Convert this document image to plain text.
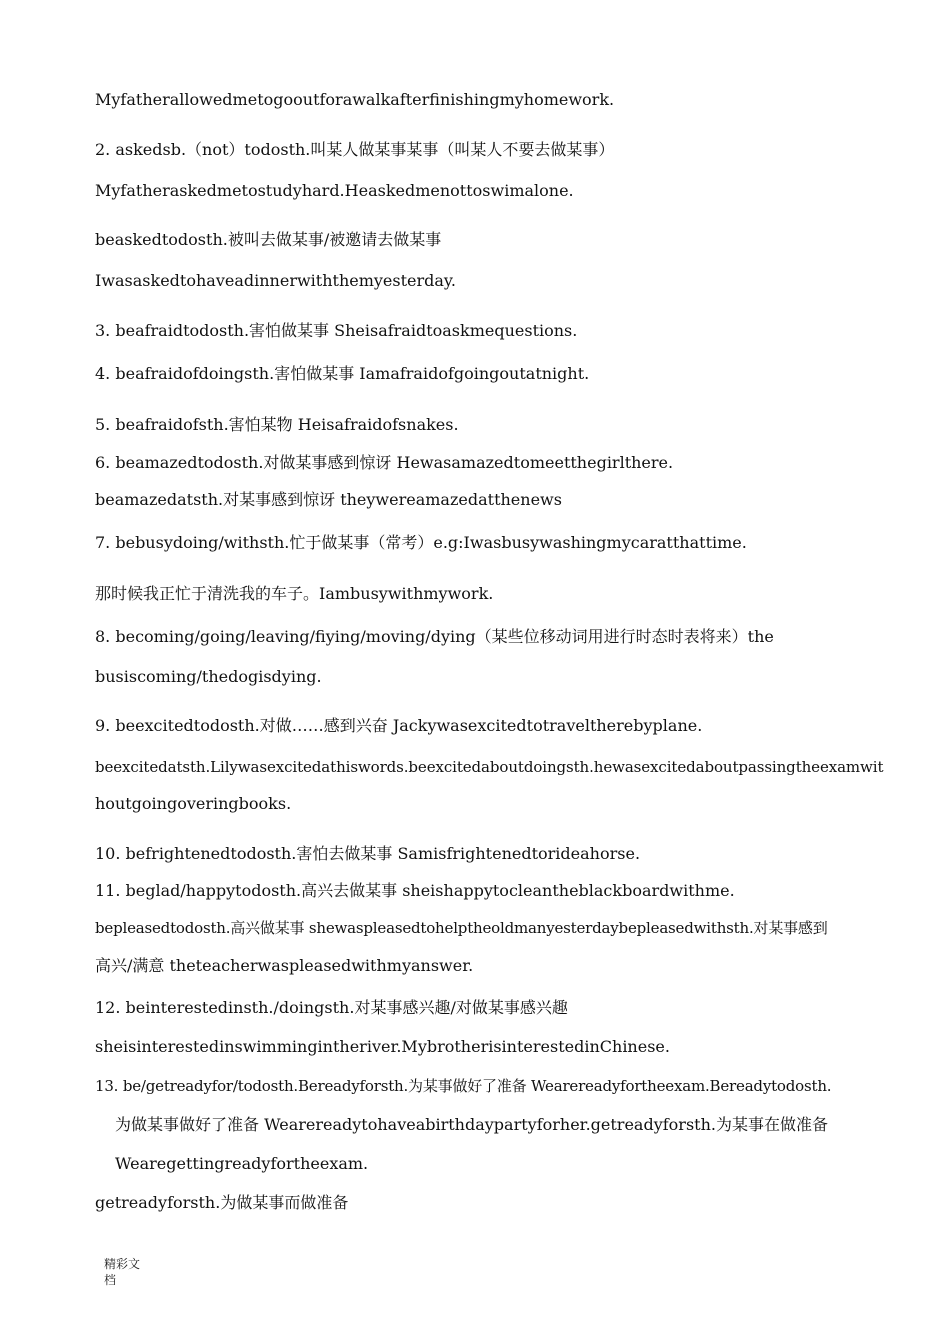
Myfatherallowedmetogooutforawalkafterfinishingmyhomework.
2. askedsb.（not）todosth.叫某人做某事某事（叫某人不要去做某事）
Myfatheraskedmetostudyhard.Heaskedmenottoswimalone.
beaskedtodosth.被叫去做某事/被邀请去做某事
Iwasaskedtohaveadinnerwiththemyesterday.
3. beafraidtodosth.害怕做某事 Sheisafraidtoaskmequestions.
4. beafraidofdoingsth.害怕做某事 Iamafraidofgoingoutatnight.
5. beafraidofsth.害怕某物 Heisafraidofsnakes.
6. beamazedtodosth.对做某事感到惊讶 Hewasamazedtomeetthegirlthere.
beamazedatsth.对某事感到惊讶 theywereamazedatthenews
7. bebusydoing/withsth.忙于做某事（常考）e.g:Iwasbusywashingmycaratthattime.
那时候我正忙于清洗我的车子。Iambusywithmywork.
8. becoming/going/leaving/fiying/moving/dying（某些位移动词用进行时态时表将来）the
busiscoming/thedogisdying.
9. beexcitedtodosth.对做……感到兴奋 Jackywasexcitedtotraveltherebyplane.
beexcitedatsth.Lilywasexcitedathiswords.beexcitedaboutdoingsth.hewasexcitedaboutpassingtheexamwit
houtgoingoveringbooks.
10. befrightenedtodosth.害怕去做某事 Samisfrightenedtorideahorse.
11. beglad/happytodosth.高兴去做某事 sheishappytocleantheblackboardwithme.
bepleasedtodosth.高兴做某事 shewaspleasedtohelptheoldmanyesterdaybepleasedwithsth.对某事感到
高兴/满意 theteacherwaspleasedwithmyanswer.
12. beinterestedinsth./doingsth.对某事感兴趣/对做某事感兴趣
sheisinterestedinswimmingintheriver.MybrotherisinterestedinChinese.
13. be/getreadyfor/todosth.Bereadyforsth.为某事做好了准备 Wearereadyfortheexam.Bereadytodosth.
为做某事做好了准备 Wearereadytohaveabirthdaypartyforher.getreadyforsth.为某事在做准备
Wearegettingreadyfortheexam.
getreadyforsth.为做某事而做准备
精彩文
档
